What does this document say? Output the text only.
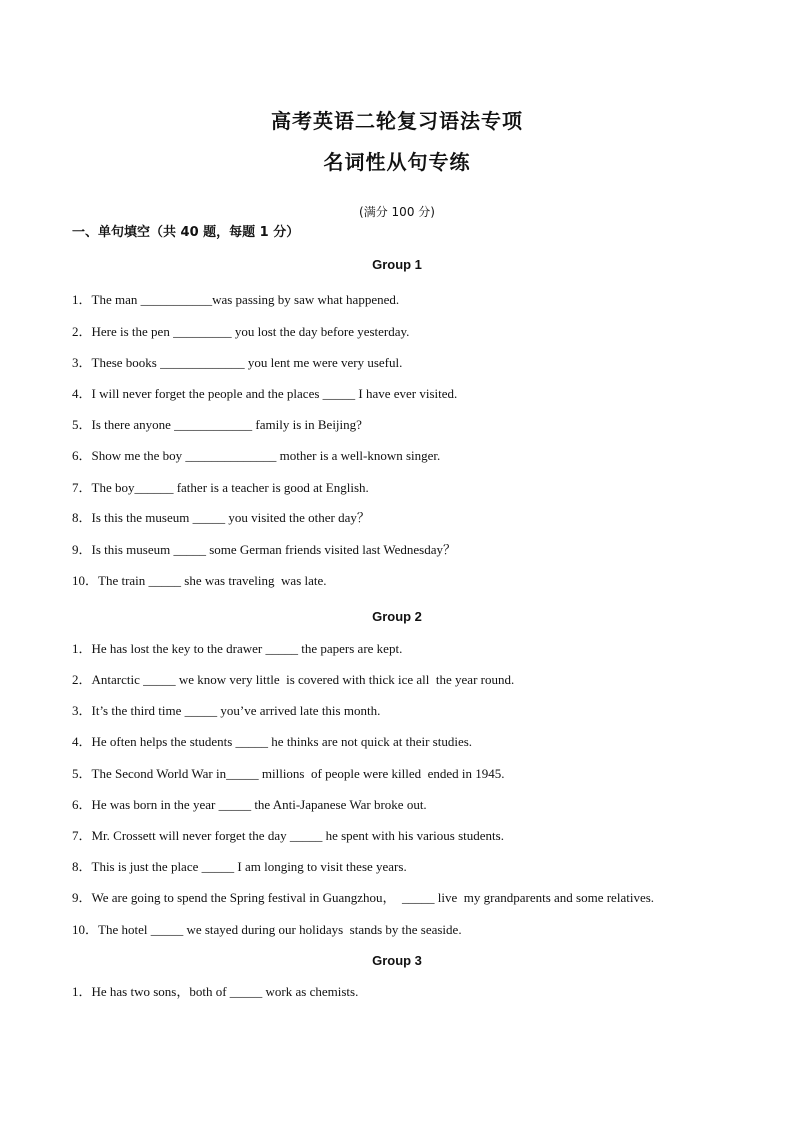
高考英语二轮复习语法专项
名词性从句专练
(满分 100 分)
一、单句填空（共 40 题，每题 1 分）
Group 1
1．The man ___________was passing by saw what happened.
2．Here is the pen _________ you lost the day before yesterday.
3．These books _____________ you lent me were very useful.
4．I will never forget the people and the places _____ I have ever visited.
5．Is there anyone ____________ family is in Beijing?
6．Show me the boy ______________ mother is a well-known singer.
7．The boy______ father is a teacher is good at English.
8．Is this the museum _____ you visited the other day？
9．Is this museum _____ some German friends visited last Wednesday？
10．The train _____ she was traveling  was late.
Group 2
1．He has lost the key to the drawer _____ the papers are kept.
2．Antarctic _____ we know very little  is covered with thick ice all  the year round.
3．It’s the third time _____ you’ve arrived late this month.
4．He often helps the students _____ he thinks are not quick at their studies.
5．The Second World War in_____ millions  of people were killed  ended in 1945.
6．He was born in the year _____ the Anti-Japanese War broke out.
7．Mr. Crossett will never forget the day _____ he spent with his various students.
8．This is just the place _____ I am longing to visit these years.
9．We are going to spend the Spring festival in Guangzhou，  _____ live  my grandparents and some relatives.
10．The hotel _____ we stayed during our holidays  stands by the seaside.
Group 3
1．He has two sons，both of _____ work as chemists.
